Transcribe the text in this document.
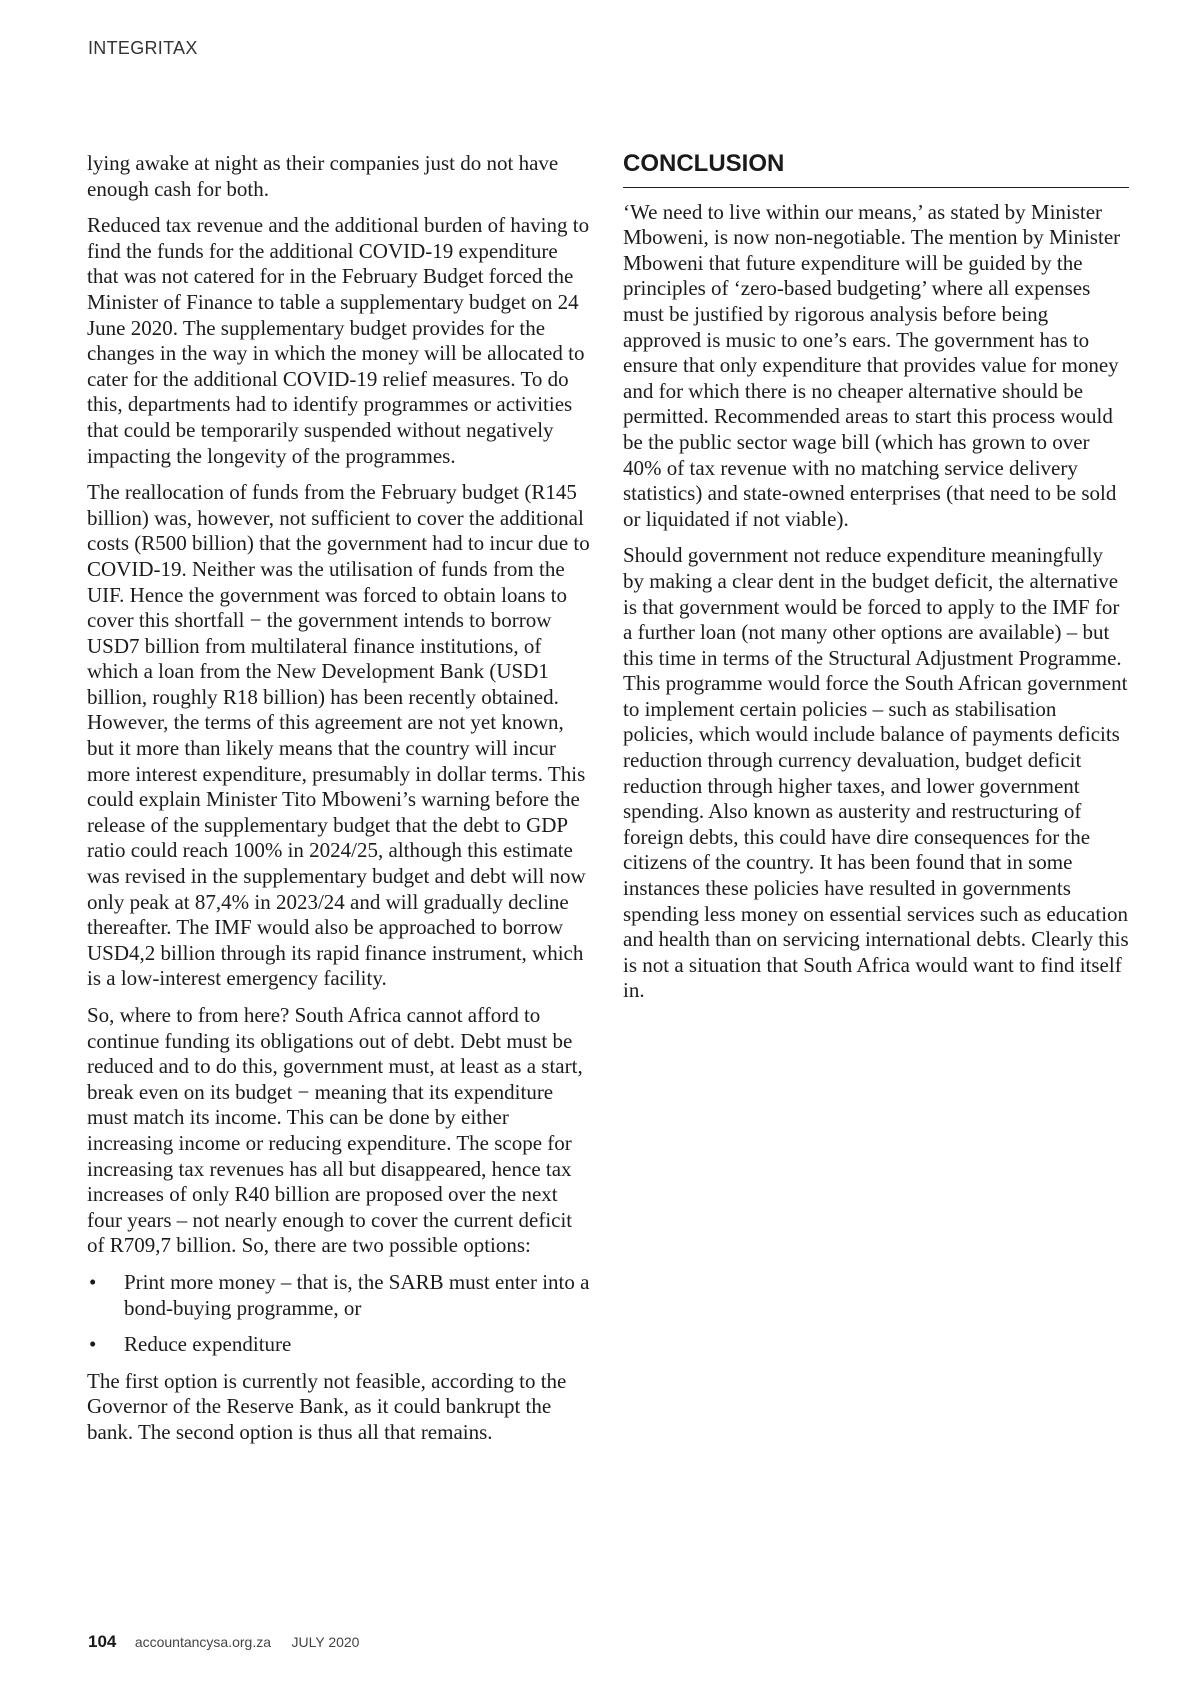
INTEGRITAX

lying awake at night as their companies just do not have enough cash for both.

Reduced tax revenue and the additional burden of having to find the funds for the additional COVID-19 expenditure that was not catered for in the February Budget forced the Minister of Finance to table a supplementary budget on 24 June 2020. The supplementary budget provides for the changes in the way in which the money will be allocated to cater for the additional COVID-19 relief measures. To do this, departments had to identify programmes or activities that could be temporarily suspended without negatively impacting the longevity of the programmes.

The reallocation of funds from the February budget (R145 billion) was, however, not sufficient to cover the additional costs (R500 billion) that the government had to incur due to COVID-19. Neither was the utilisation of funds from the UIF. Hence the government was forced to obtain loans to cover this shortfall − the government intends to borrow USD7 billion from multilateral finance institutions, of which a loan from the New Development Bank (USD1 billion, roughly R18 billion) has been recently obtained. However, the terms of this agreement are not yet known, but it more than likely means that the country will incur more interest expenditure, presumably in dollar terms. This could explain Minister Tito Mboweni’s warning before the release of the supplementary budget that the debt to GDP ratio could reach 100% in 2024/25, although this estimate was revised in the supplementary budget and debt will now only peak at 87,4% in 2023/24 and will gradually decline thereafter. The IMF would also be approached to borrow USD4,2 billion through its rapid finance instrument, which is a low-interest emergency facility.

So, where to from here? South Africa cannot afford to continue funding its obligations out of debt. Debt must be reduced and to do this, government must, at least as a start, break even on its budget − meaning that its expenditure must match its income. This can be done by either increasing income or reducing expenditure. The scope for increasing tax revenues has all but disappeared, hence tax increases of only R40 billion are proposed over the next four years – not nearly enough to cover the current deficit of R709,7 billion. So, there are two possible options:

• Print more money – that is, the SARB must enter into a bond-buying programme, or
• Reduce expenditure

The first option is currently not feasible, according to the Governor of the Reserve Bank, as it could bankrupt the bank. The second option is thus all that remains.

CONCLUSION

‘We need to live within our means,’ as stated by Minister Mboweni, is now non-negotiable. The mention by Minister Mboweni that future expenditure will be guided by the principles of ‘zero-based budgeting’ where all expenses must be justified by rigorous analysis before being approved is music to one’s ears. The government has to ensure that only expenditure that provides value for money and for which there is no cheaper alternative should be permitted. Recommended areas to start this process would be the public sector wage bill (which has grown to over 40% of tax revenue with no matching service delivery statistics) and state-owned enterprises (that need to be sold or liquidated if not viable).

Should government not reduce expenditure meaningfully by making a clear dent in the budget deficit, the alternative is that government would be forced to apply to the IMF for a further loan (not many other options are available) – but this time in terms of the Structural Adjustment Programme. This programme would force the South African government to implement certain policies – such as stabilisation policies, which would include balance of payments deficits reduction through currency devaluation, budget deficit reduction through higher taxes, and lower government spending. Also known as austerity and restructuring of foreign debts, this could have dire consequences for the citizens of the country. It has been found that in some instances these policies have resulted in governments spending less money on essential services such as education and health than on servicing international debts. Clearly this is not a situation that South Africa would want to find itself in.

104 accountancysa.org.za JULY 2020
